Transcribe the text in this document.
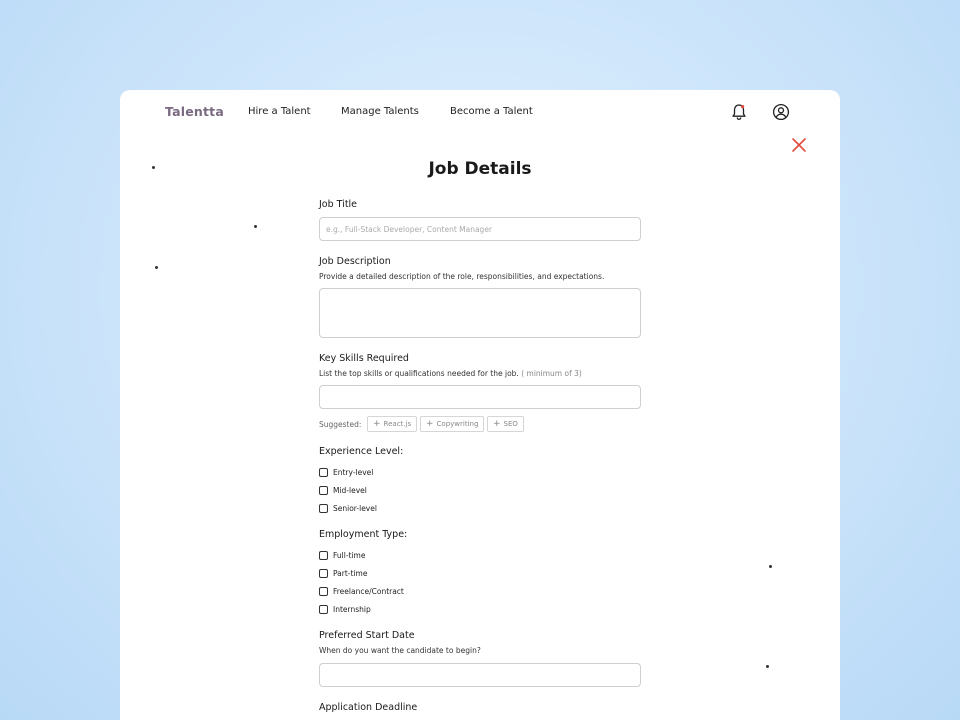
Talentta Hire a Talent	Manage Talents	Become a Talent
Job Details
Job Title
e.g., Full-Stack Developer, Content Manager
Job Description
Provide a detailed description of the role, responsibilities, and expectations.
Key Skills Required
List the top skills or qualifications needed for the job. ( minimum of 3)
Suggested: + React.js + Copywriting + SEO
Experience Level:
Entry-level
Mid-level
Senior-level
Employment Type:
Full-time
Part-time
Freelance/Contract
Internship
Preferred Start Date
When do you want the candidate to begin?
Application Deadline
